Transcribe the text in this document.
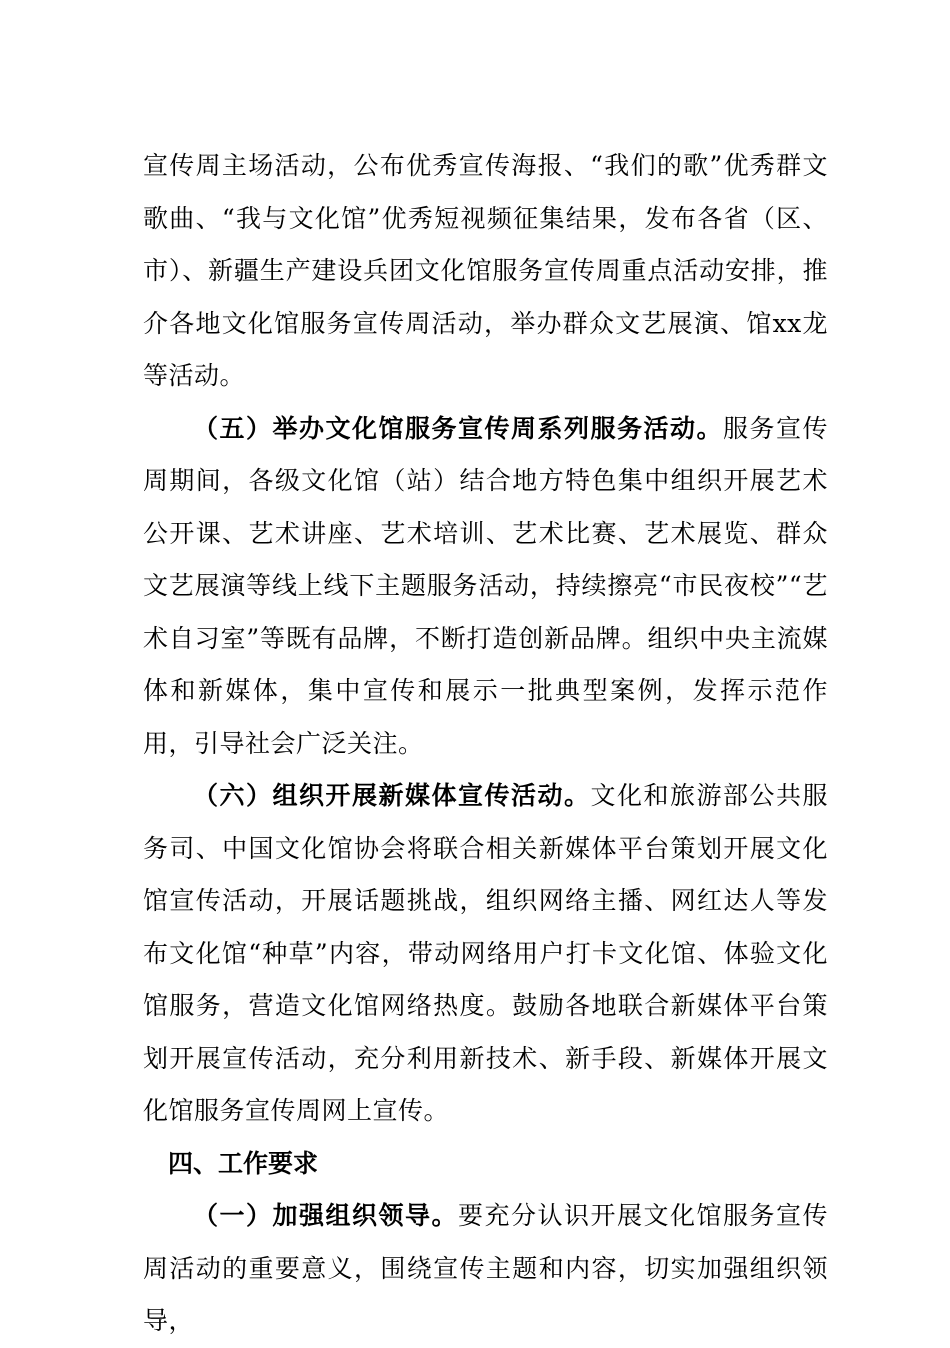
宣传周主场活动，公布优秀宣传海报、“我们的歌”优秀群文歌曲、“我与文化馆”优秀短视频征集结果，发布各省（区、市）、新疆生产建设兵团文化馆服务宣传周重点活动安排，推介各地文化馆服务宣传周活动，举办群众文艺展演、馆xx龙等活动。

（五）举办文化馆服务宣传周系列服务活动。服务宣传周期间，各级文化馆（站）结合地方特色集中组织开展艺术公开课、艺术讲座、艺术培训、艺术比赛、艺术展览、群众文艺展演等线上线下主题服务活动，持续擦亮“市民夜校”“艺术自习室”等既有品牌，不断打造创新品牌。组织中央主流媒体和新媒体，集中宣传和展示一批典型案例，发挥示范作用，引导社会广泛关注。

（六）组织开展新媒体宣传活动。文化和旅游部公共服务司、中国文化馆协会将联合相关新媒体平台策划开展文化馆宣传活动，开展话题挑战，组织网络主播、网红达人等发布文化馆“种草”内容，带动网络用户打卡文化馆、体验文化馆服务，营造文化馆网络热度。鼓励各地联合新媒体平台策划开展宣传活动，充分利用新技术、新手段、新媒体开展文化馆服务宣传周网上宣传。

四、工作要求

（一）加强组织领导。要充分认识开展文化馆服务宣传周活动的重要意义，围绕宣传主题和内容，切实加强组织领导，
